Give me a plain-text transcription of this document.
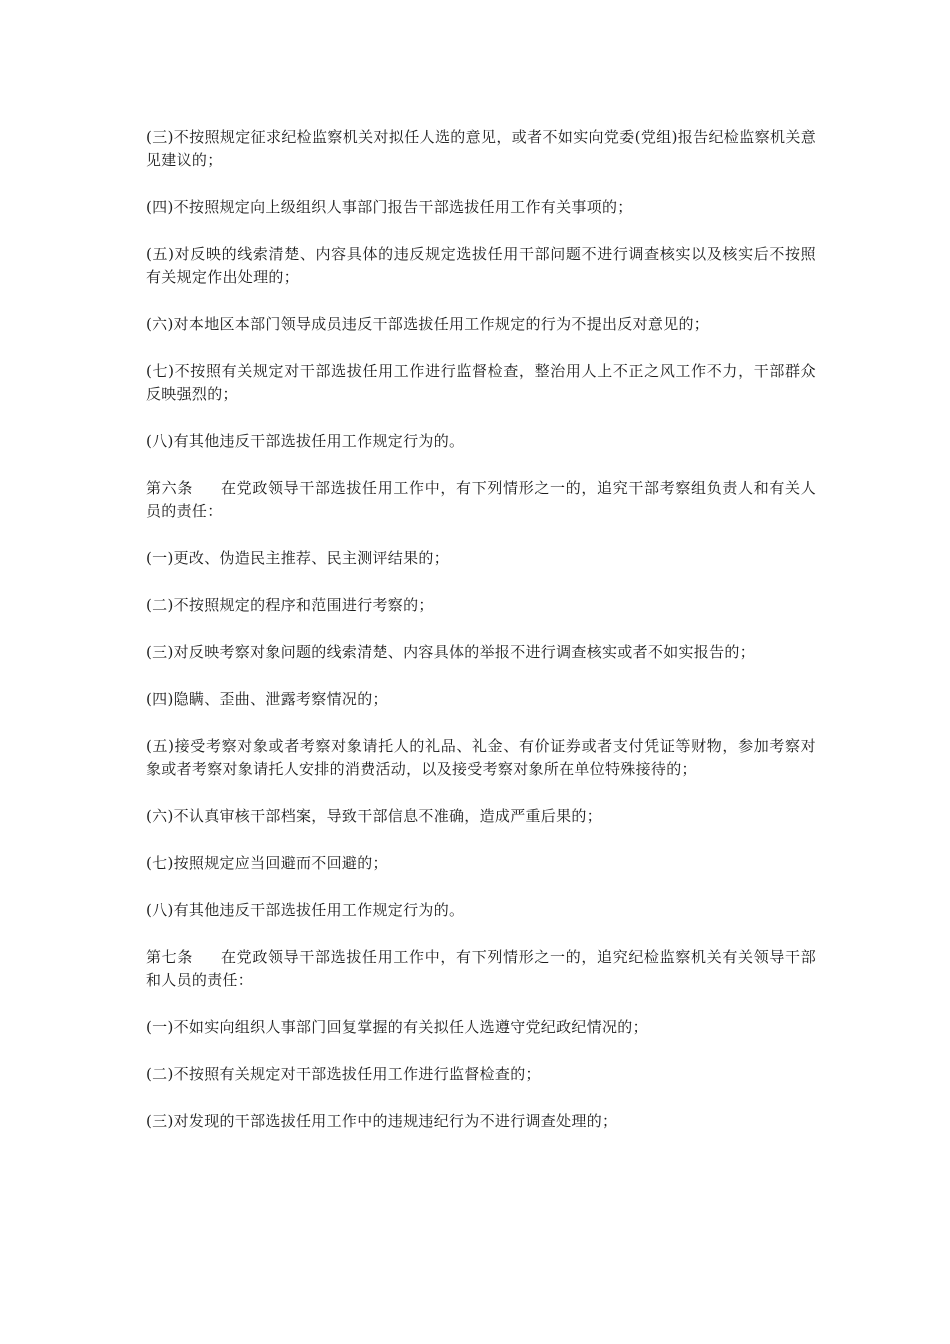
(三)不按照规定征求纪检监察机关对拟任人选的意见，或者不如实向党委(党组)报告纪检监察机关意见建议的；

(四)不按照规定向上级组织人事部门报告干部选拔任用工作有关事项的；

(五)对反映的线索清楚、内容具体的违反规定选拔任用干部问题不进行调查核实以及核实后不按照有关规定作出处理的；

(六)对本地区本部门领导成员违反干部选拔任用工作规定的行为不提出反对意见的；

(七)不按照有关规定对干部选拔任用工作进行监督检查，整治用人上不正之风工作不力，干部群众反映强烈的；

(八)有其他违反干部选拔任用工作规定行为的。

第六条 在党政领导干部选拔任用工作中，有下列情形之一的，追究干部考察组负责人和有关人员的责任：

(一)更改、伪造民主推荐、民主测评结果的；

(二)不按照规定的程序和范围进行考察的；

(三)对反映考察对象问题的线索清楚、内容具体的举报不进行调查核实或者不如实报告的；

(四)隐瞒、歪曲、泄露考察情况的；

(五)接受考察对象或者考察对象请托人的礼品、礼金、有价证券或者支付凭证等财物，参加考察对象或者考察对象请托人安排的消费活动，以及接受考察对象所在单位特殊接待的；

(六)不认真审核干部档案，导致干部信息不准确，造成严重后果的；

(七)按照规定应当回避而不回避的；

(八)有其他违反干部选拔任用工作规定行为的。

第七条 在党政领导干部选拔任用工作中，有下列情形之一的，追究纪检监察机关有关领导干部和人员的责任：

(一)不如实向组织人事部门回复掌握的有关拟任人选遵守党纪政纪情况的；

(二)不按照有关规定对干部选拔任用工作进行监督检查的；

(三)对发现的干部选拔任用工作中的违规违纪行为不进行调查处理的；
